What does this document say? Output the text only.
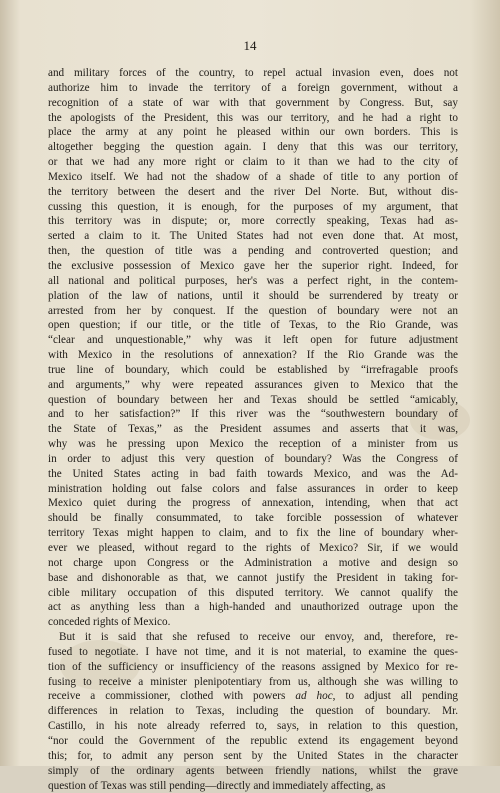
14
and military forces of the country, to repel actual invasion even, does not
authorize him to invade the territory of a foreign government, without a
recognition of a state of war with that government by Congress. But, say
the apologists of the President, this was our territory, and he had a right to
place the army at any point he pleased within our own borders. This is
altogether begging the question again. I deny that this was our territory,
or that we had any more right or claim to it than we had to the city of
Mexico itself. We had not the shadow of a shade of title to any portion of
the territory between the desert and the river Del Norte. But, without dis-
cussing this question, it is enough, for the purposes of my argument, that
this territory was in dispute; or, more correctly speaking, Texas had as-
serted a claim to it. The United States had not even done that. At most,
then, the question of title was a pending and controverted question; and
the exclusive possession of Mexico gave her the superior right. Indeed, for
all national and political purposes, her's was a perfect right, in the contem-
plation of the law of nations, until it should be surrendered by treaty or
arrested from her by conquest. If the question of boundary were not an
open question; if our title, or the title of Texas, to the Rio Grande, was
“clear and unquestionable,” why was it left open for future adjustment
with Mexico in the resolutions of annexation? If the Rio Grande was the
true line of boundary, which could be established by “irrefragable proofs
and arguments,” why were repeated assurances given to Mexico that the
question of boundary between her and Texas should be settled “amicably,
and to her satisfaction?” If this river was the “southwestern boundary of
the State of Texas,” as the President assumes and asserts that it was,
why was he pressing upon Mexico the reception of a minister from us
in order to adjust this very question of boundary? Was the Congress of
the United States acting in bad faith towards Mexico, and was the Ad-
ministration holding out false colors and false assurances in order to keep
Mexico quiet during the progress of annexation, intending, when that act
should be finally consummated, to take forcible possession of whatever
territory Texas might happen to claim, and to fix the line of boundary wher-
ever we pleased, without regard to the rights of Mexico? Sir, if we would
not charge upon Congress or the Administration a motive and design so
base and dishonorable as that, we cannot justify the President in taking for-
cible military occupation of this disputed territory. We cannot qualify the
act as anything less than a high-handed and unauthorized outrage upon the
conceded rights of Mexico.
But it is said that she refused to receive our envoy, and, therefore, re-
fused to negotiate. I have not time, and it is not material, to examine the ques-
tion of the sufficiency or insufficiency of the reasons assigned by Mexico for re-
fusing to receive a minister plenipotentiary from us, although she was willing to
receive a commissioner, clothed with powers ad hoc, to adjust all pending
differences in relation to Texas, including the question of boundary. Mr.
Castillo, in his note already referred to, says, in relation to this question,
“nor could the Government of the republic extend its engagement beyond
this; for, to admit any person sent by the United States in the character
simply of the ordinary agents between friendly nations, whilst the grave
question of Texas was still pending—directly and immediately affecting, as
